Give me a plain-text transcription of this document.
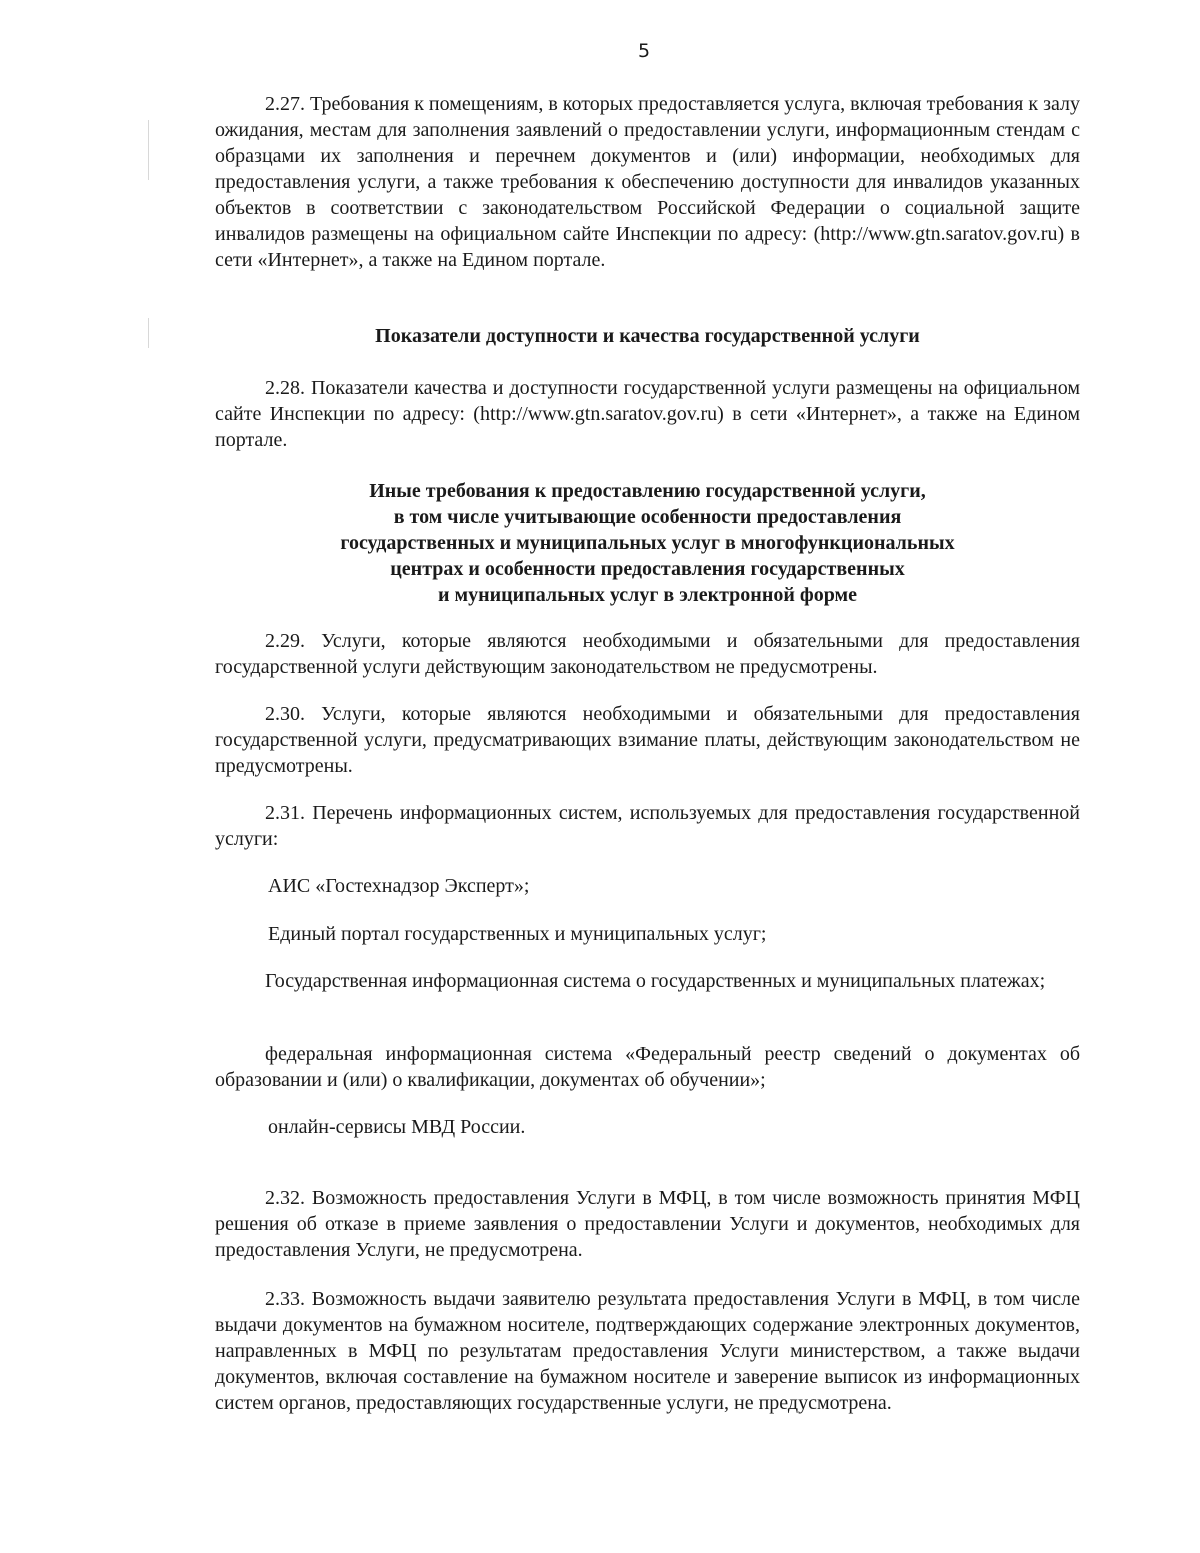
5

2.27. Требования к помещениям, в которых предоставляется услуга, включая требования к залу ожидания, местам для заполнения заявлений о предоставлении услуги, информационным стендам с образцами их заполнения и перечнем документов и (или) информации, необходимых для предоставления услуги, а также требования к обеспечению доступности для инвалидов указанных объектов в соответствии с законодательством Российской Федерации о социальной защите инвалидов размещены на официальном сайте Инспекции по адресу: (http://www.gtn.saratov.gov.ru) в сети «Интернет», а также на Едином портале.

Показатели доступности и качества государственной услуги

2.28. Показатели качества и доступности государственной услуги размещены на официальном сайте Инспекции по адресу: (http://www.gtn.saratov.gov.ru) в сети «Интернет», а также на Едином портале.

Иные требования к предоставлению государственной услуги,
в том числе учитывающие особенности предоставления
государственных и муниципальных услуг в многофункциональных
центрах и особенности предоставления государственных
и муниципальных услуг в электронной форме

2.29. Услуги, которые являются необходимыми и обязательными для предоставления государственной услуги действующим законодательством не предусмотрены.

2.30. Услуги, которые являются необходимыми и обязательными для предоставления государственной услуги, предусматривающих взимание платы, действующим законодательством не предусмотрены.

2.31. Перечень информационных систем, используемых для предоставления государственной услуги:

АИС «Гостехнадзор Эксперт»;

Единый портал государственных и муниципальных услуг;

Государственная информационная система о государственных и муниципальных платежах;

федеральная информационная система «Федеральный реестр сведений о документах об образовании и (или) о квалификации, документах об обучении»;

онлайн-сервисы МВД России.

2.32. Возможность предоставления Услуги в МФЦ, в том числе возможность принятия МФЦ решения об отказе в приеме заявления о предоставлении Услуги и документов, необходимых для предоставления Услуги, не предусмотрена.

2.33. Возможность выдачи заявителю результата предоставления Услуги в МФЦ, в том числе выдачи документов на бумажном носителе, подтверждающих содержание электронных документов, направленных в МФЦ по результатам предоставления Услуги министерством, а также выдачи документов, включая составление на бумажном носителе и заверение выписок из информационных систем органов, предоставляющих государственные услуги, не предусмотрена.
